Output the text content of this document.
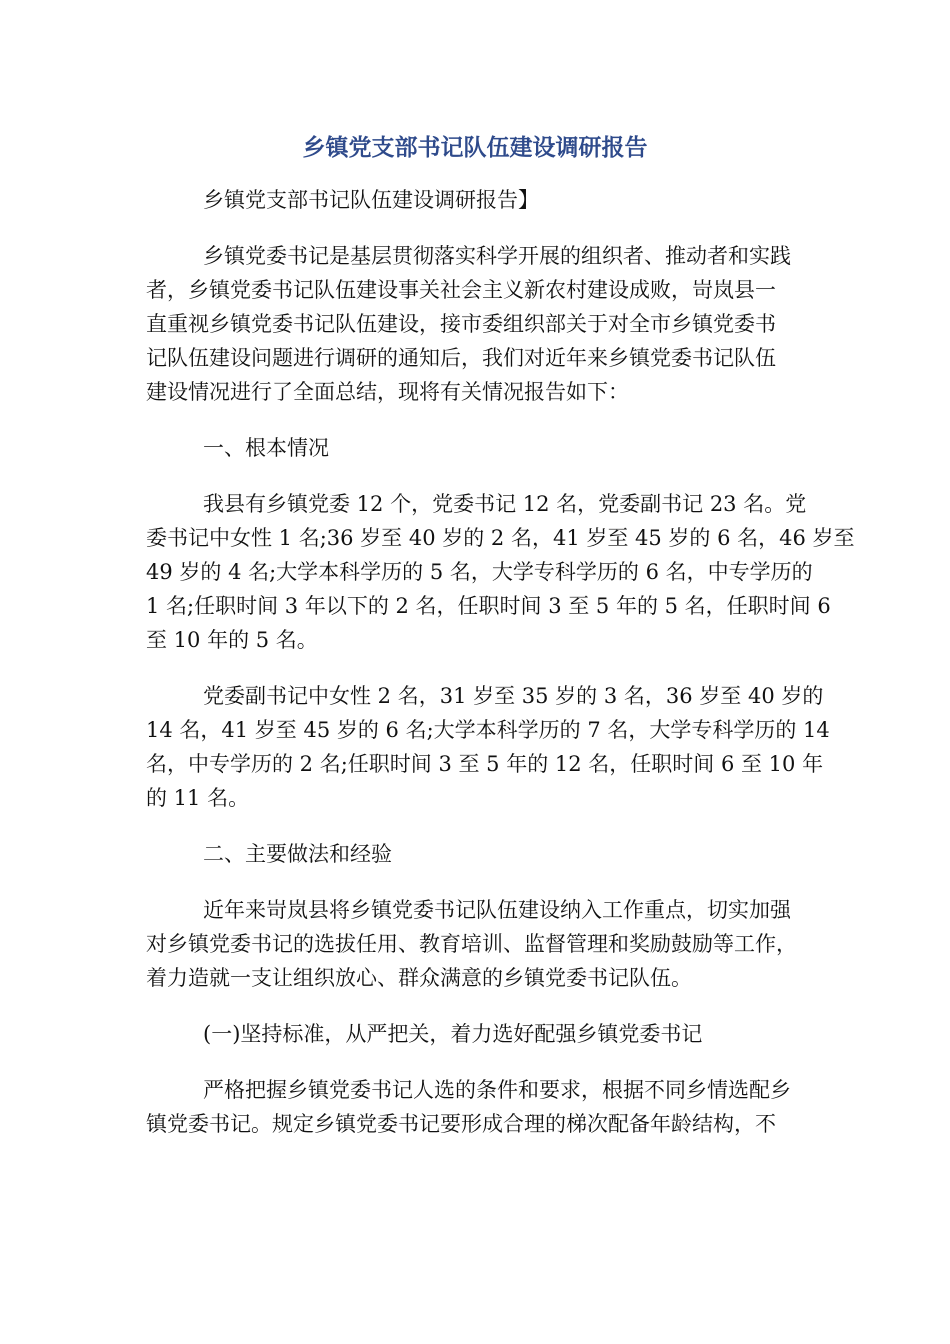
乡镇党支部书记队伍建设调研报告
乡镇党支部书记队伍建设调研报告】
乡镇党委书记是基层贯彻落实科学开展的组织者、推动者和实践
者，乡镇党委书记队伍建设事关社会主义新农村建设成败，岢岚县一
直重视乡镇党委书记队伍建设，接市委组织部关于对全市乡镇党委书
记队伍建设问题进行调研的通知后，我们对近年来乡镇党委书记队伍
建设情况进行了全面总结，现将有关情况报告如下：
一、根本情况
我县有乡镇党委 12 个，党委书记 12 名，党委副书记 23 名。党
委书记中女性 1 名;36 岁至 40 岁的 2 名，41 岁至 45 岁的 6 名，46 岁至
49 岁的 4 名;大学本科学历的 5 名，大学专科学历的 6 名，中专学历的
1 名;任职时间 3 年以下的 2 名，任职时间 3 至 5 年的 5 名，任职时间 6
至 10 年的 5 名。
党委副书记中女性 2 名，31 岁至 35 岁的 3 名，36 岁至 40 岁的
14 名，41 岁至 45 岁的 6 名;大学本科学历的 7 名，大学专科学历的 14
名，中专学历的 2 名;任职时间 3 至 5 年的 12 名，任职时间 6 至 10 年
的 11 名。
二、主要做法和经验
近年来岢岚县将乡镇党委书记队伍建设纳入工作重点，切实加强
对乡镇党委书记的选拔任用、教育培训、监督管理和奖励鼓励等工作，
着力造就一支让组织放心、群众满意的乡镇党委书记队伍。
(一)坚持标准，从严把关，着力选好配强乡镇党委书记
严格把握乡镇党委书记人选的条件和要求，根据不同乡情选配乡
镇党委书记。规定乡镇党委书记要形成合理的梯次配备年龄结构，不
